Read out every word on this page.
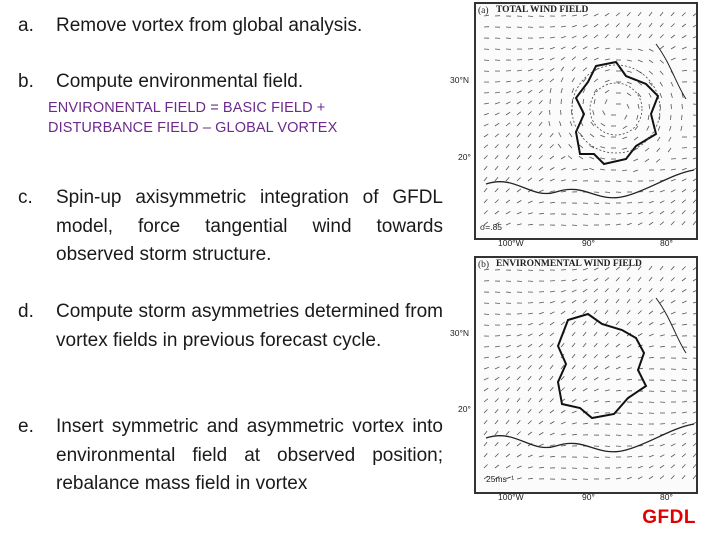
a. Remove vortex from global analysis.
b. Compute environmental field.
ENVIRONENTAL FIELD = BASIC FIELD +
DISTURBANCE FIELD – GLOBAL VORTEX
c. Spin-up axisymmetric integration of GFDL model, force tangential wind towards observed storm structure.
d. Compute storm asymmetries determined from vortex fields in previous forecast cycle.
e. Insert symmetric and asymmetric vortex into environmental field at observed position; rebalance mass field in vortex
(a) TOTAL WIND FIELD
30°N
20°
100°W	90°	80°
σ=.85
(b) ENVIRONMENTAL WIND FIELD
30°N
20°
25ms⁻¹
100°W	90°	80°
GFDL
